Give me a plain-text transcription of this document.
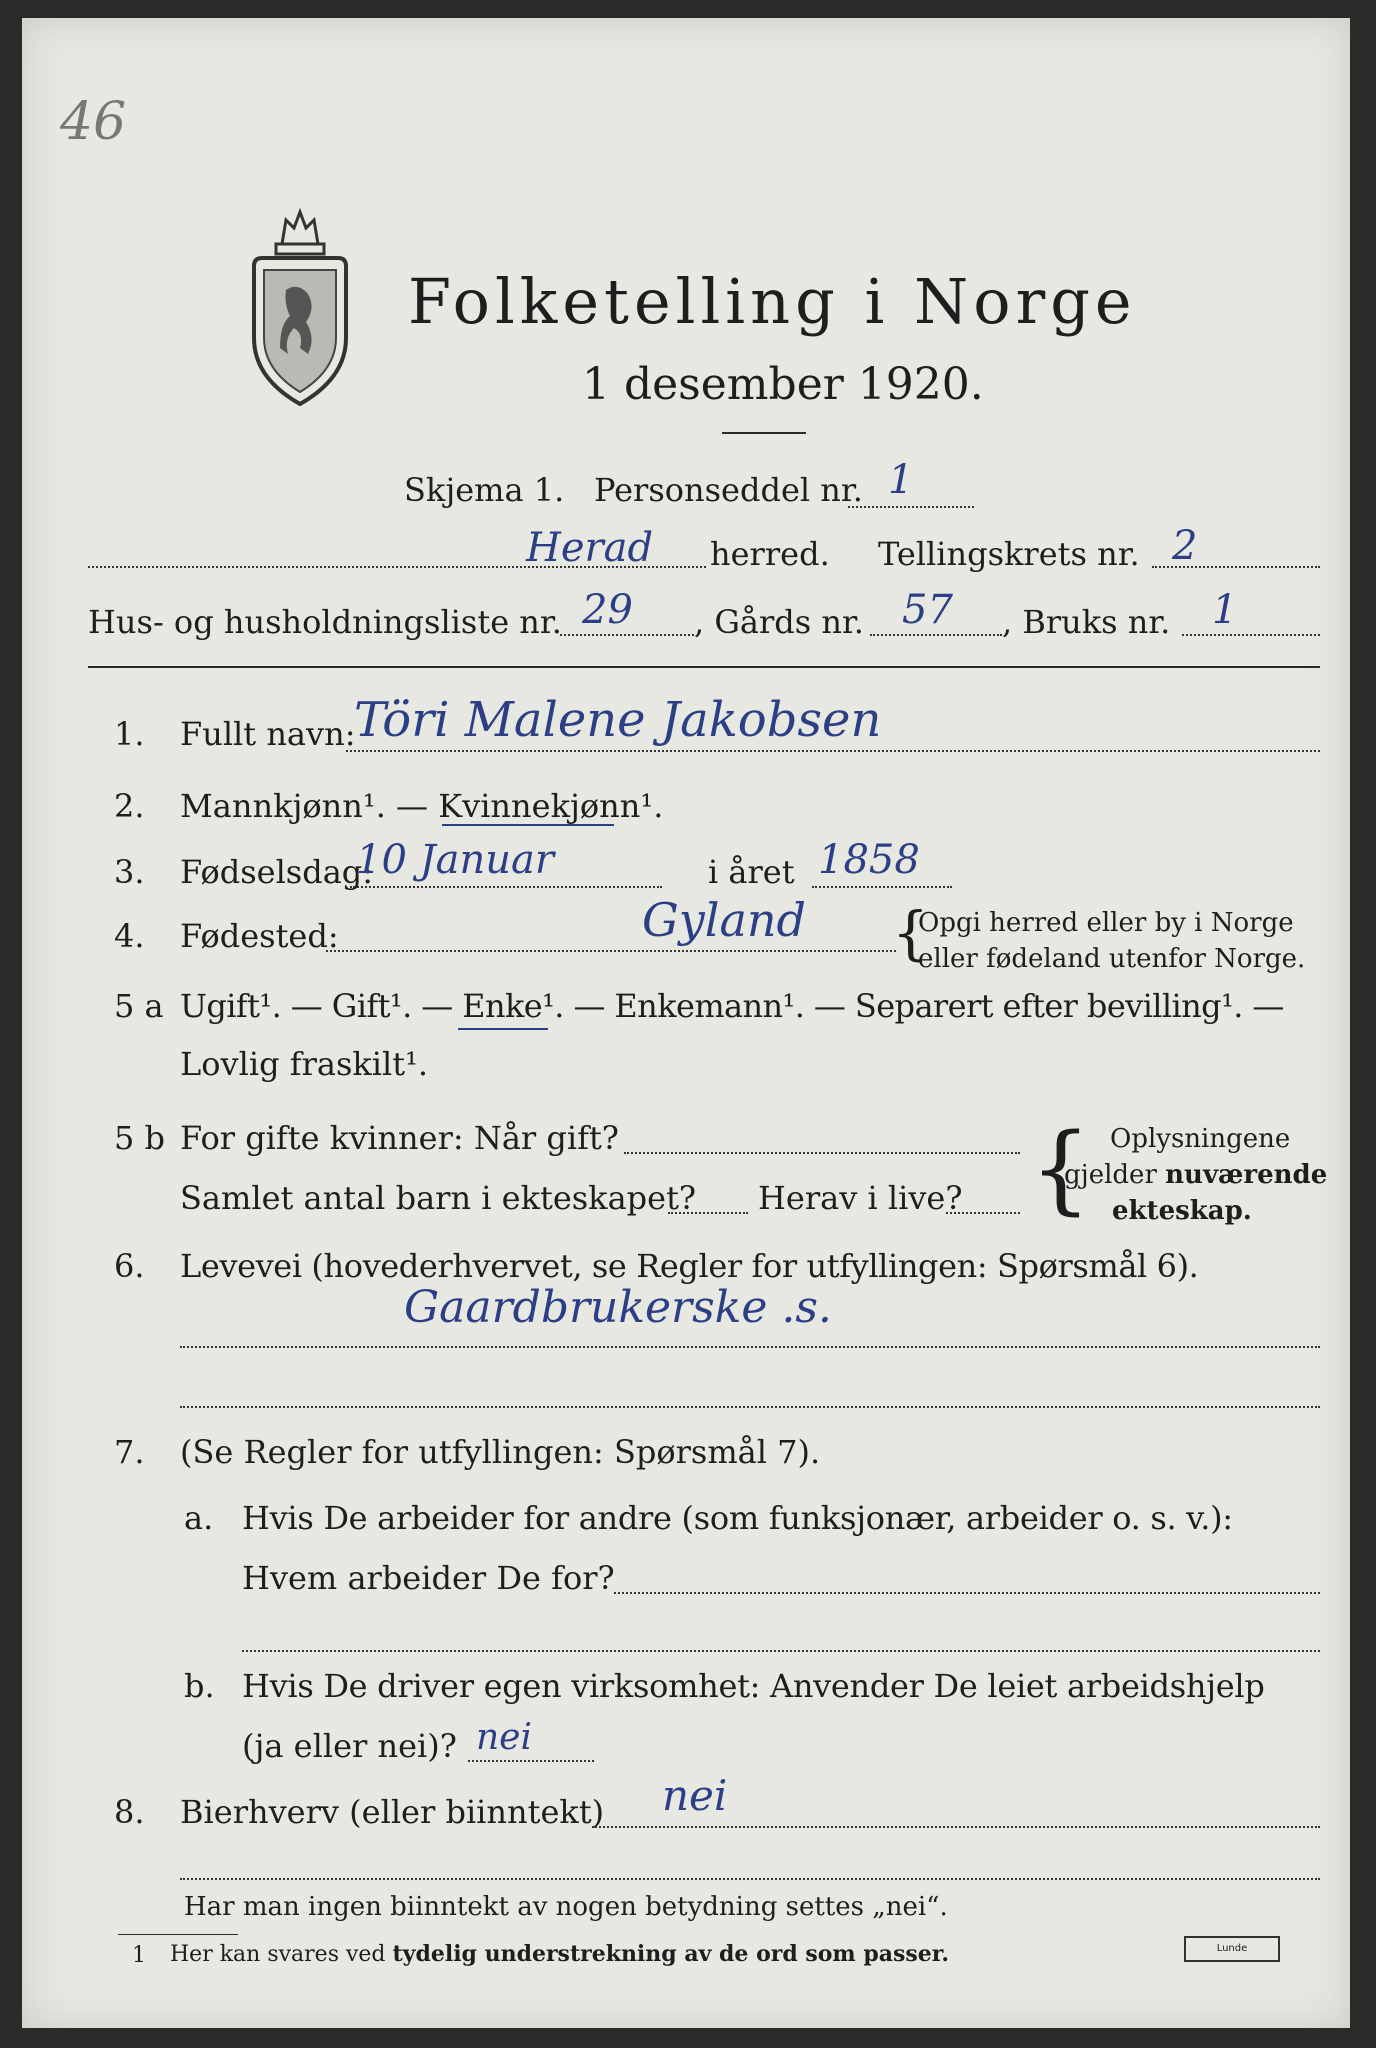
46
Folketelling i Norge
1 desember 1920.
Skjema 1. Personseddel nr. 1
Herad herred. Tellingskrets nr. 2
Hus- og husholdningsliste nr. 29 , Gårds nr. 57 , Bruks nr. 1
1. Fullt navn:
Töri Malene Jakobsen
2. Mannkjønn¹. — Kvinnekjønn¹.
3. Fødselsdag:
10 Januar	i året 1858
4. Fødested:	Gyland {
Opgi herred eller by i Norge
eller fødeland utenfor Norge.
5 a Ugift¹. — Gift¹. — Enke¹. — Enkemann¹. — Separert efter bevilling¹. —
Lovlig fraskilt¹.
5 b For gifte kvinner: Når gift?
Samlet antal barn i ekteskapet? Herav i live? { Oplysningene
gjelder nuværende
ekteskap.
6. Levevei (hovederhvervet, se Regler for utfyllingen: Spørsmål 6).
Gaardbrukerske .s.
7. (Se Regler for utfyllingen: Spørsmål 7).
a. Hvis De arbeider for andre (som funksjonær, arbeider o. s. v.):
Hvem arbeider De for?
b. Hvis De driver egen virksomhet: Anvender De leiet arbeidshjelp
(ja eller nei)? nei
8. Bierhverv (eller biinntekt) nei
Har man ingen biinntekt av nogen betydning settes „nei“.
1 Her kan svares ved tydelig understrekning av de ord som passer.	Lunde
